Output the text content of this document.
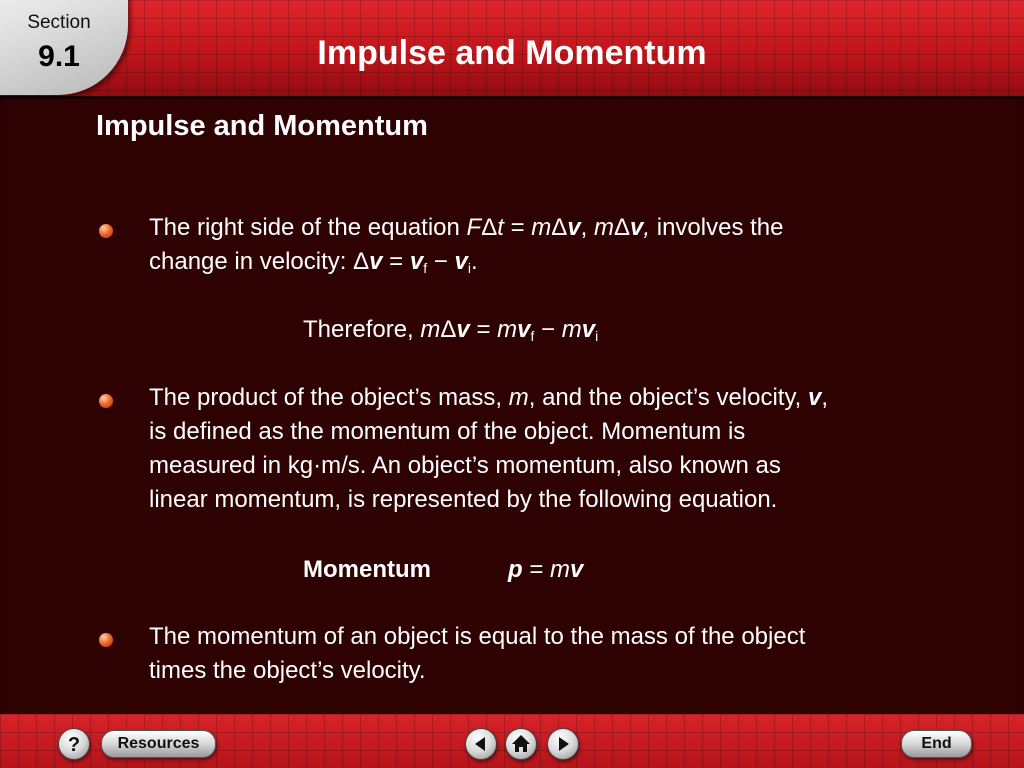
Impulse and Momentum
Section
9.1
Impulse and Momentum
The right side of the equation FΔt = mΔv, mΔv, involves the
change in velocity: $\Delta v = v_f - v_i$.
Therefore, $m\Delta v = mv_f - mv_i$
The product of the object’s mass, m, and the object’s velocity, v,
is defined as the momentum of the object. Momentum is
measured in kg·m/s. An object’s momentum, also known as
linear momentum, is represented by the following equation.
Momentum	p = mv
The momentum of an object is equal to the mass of the object
times the object’s velocity.
?	Resources	End
